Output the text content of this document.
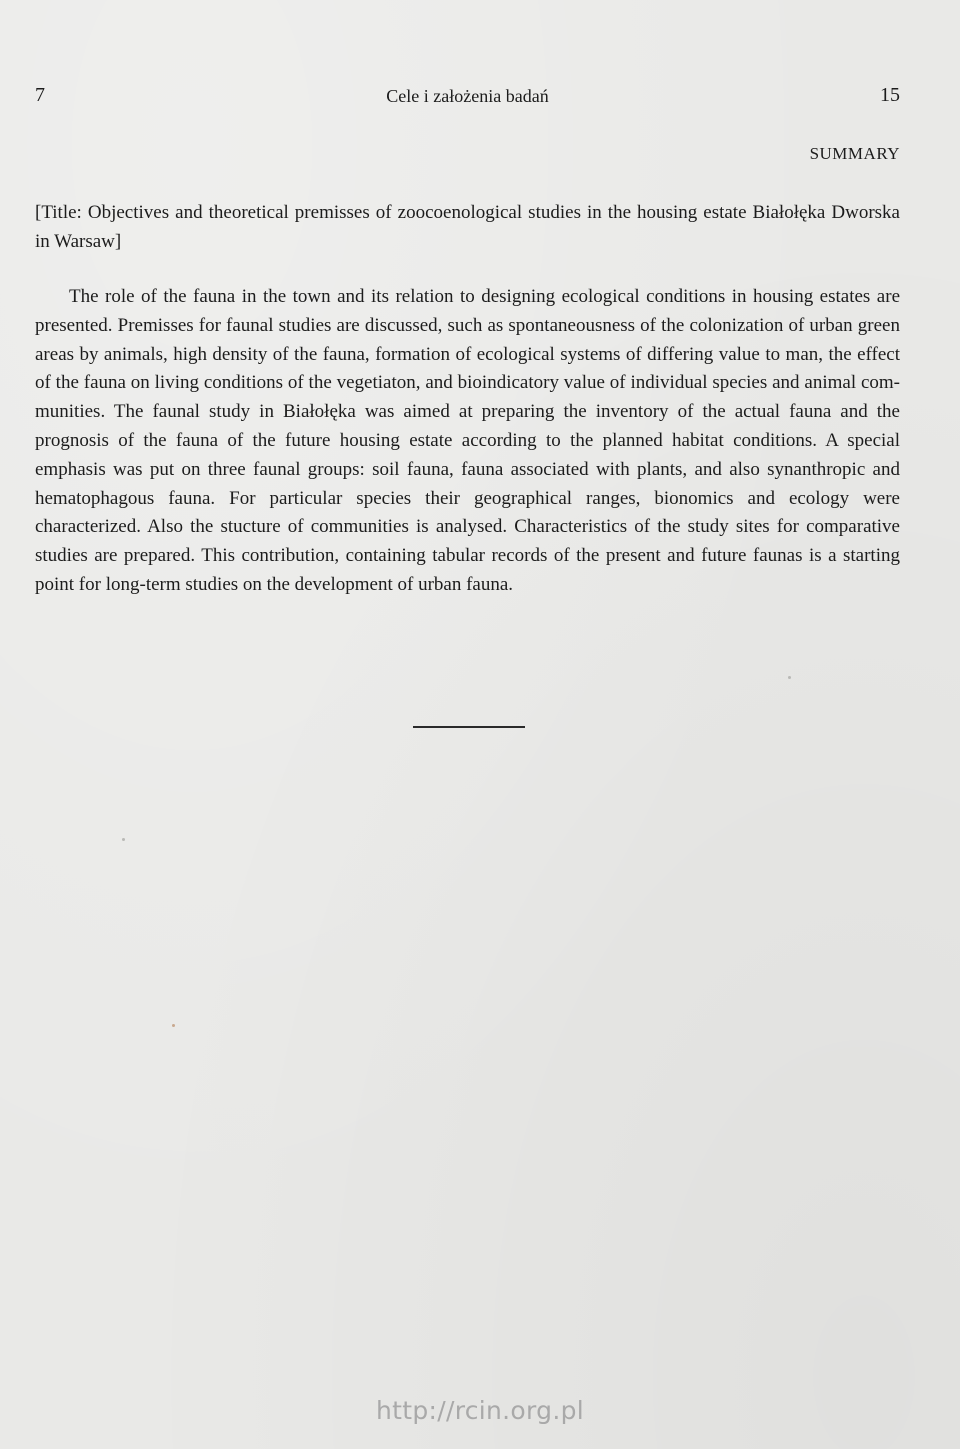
7	Cele i założenia badań	15
SUMMARY
[Title: Objectives and theoretical premisses of zoocoenological studies in the housing estate Białołęka Dworska in Warsaw]

The role of the fauna in the town and its relation to designing ecological conditions in housing estates are presented. Premisses for faunal studies are discussed, such as spontaneousness of the colonization of urban green areas by animals, high density of the fauna, formation of ecological systems of differing value to man, the effect of the fauna on living conditions of the vegetiaton, and bioindicatory value of individual species and animal communities. The faunal study in Białołęka was aimed at preparing the inventory of the actual fauna and the prognosis of the fauna of the future housing estate according to the planned habitat conditions. A special emphasis was put on three faunal groups: soil fauna, fauna associated with plants, and also synanthropic and hematophagous fauna. For particular species their geographical ranges, bionomics and ecology were characterized. Also the stucture of communities is analysed. Characteristics of the study sites for comparative studies are prepared. This contribution, containing tabular records of the present and future faunas is a starting point for long-term studies on the development of urban fauna.

http://rcin.org.pl
